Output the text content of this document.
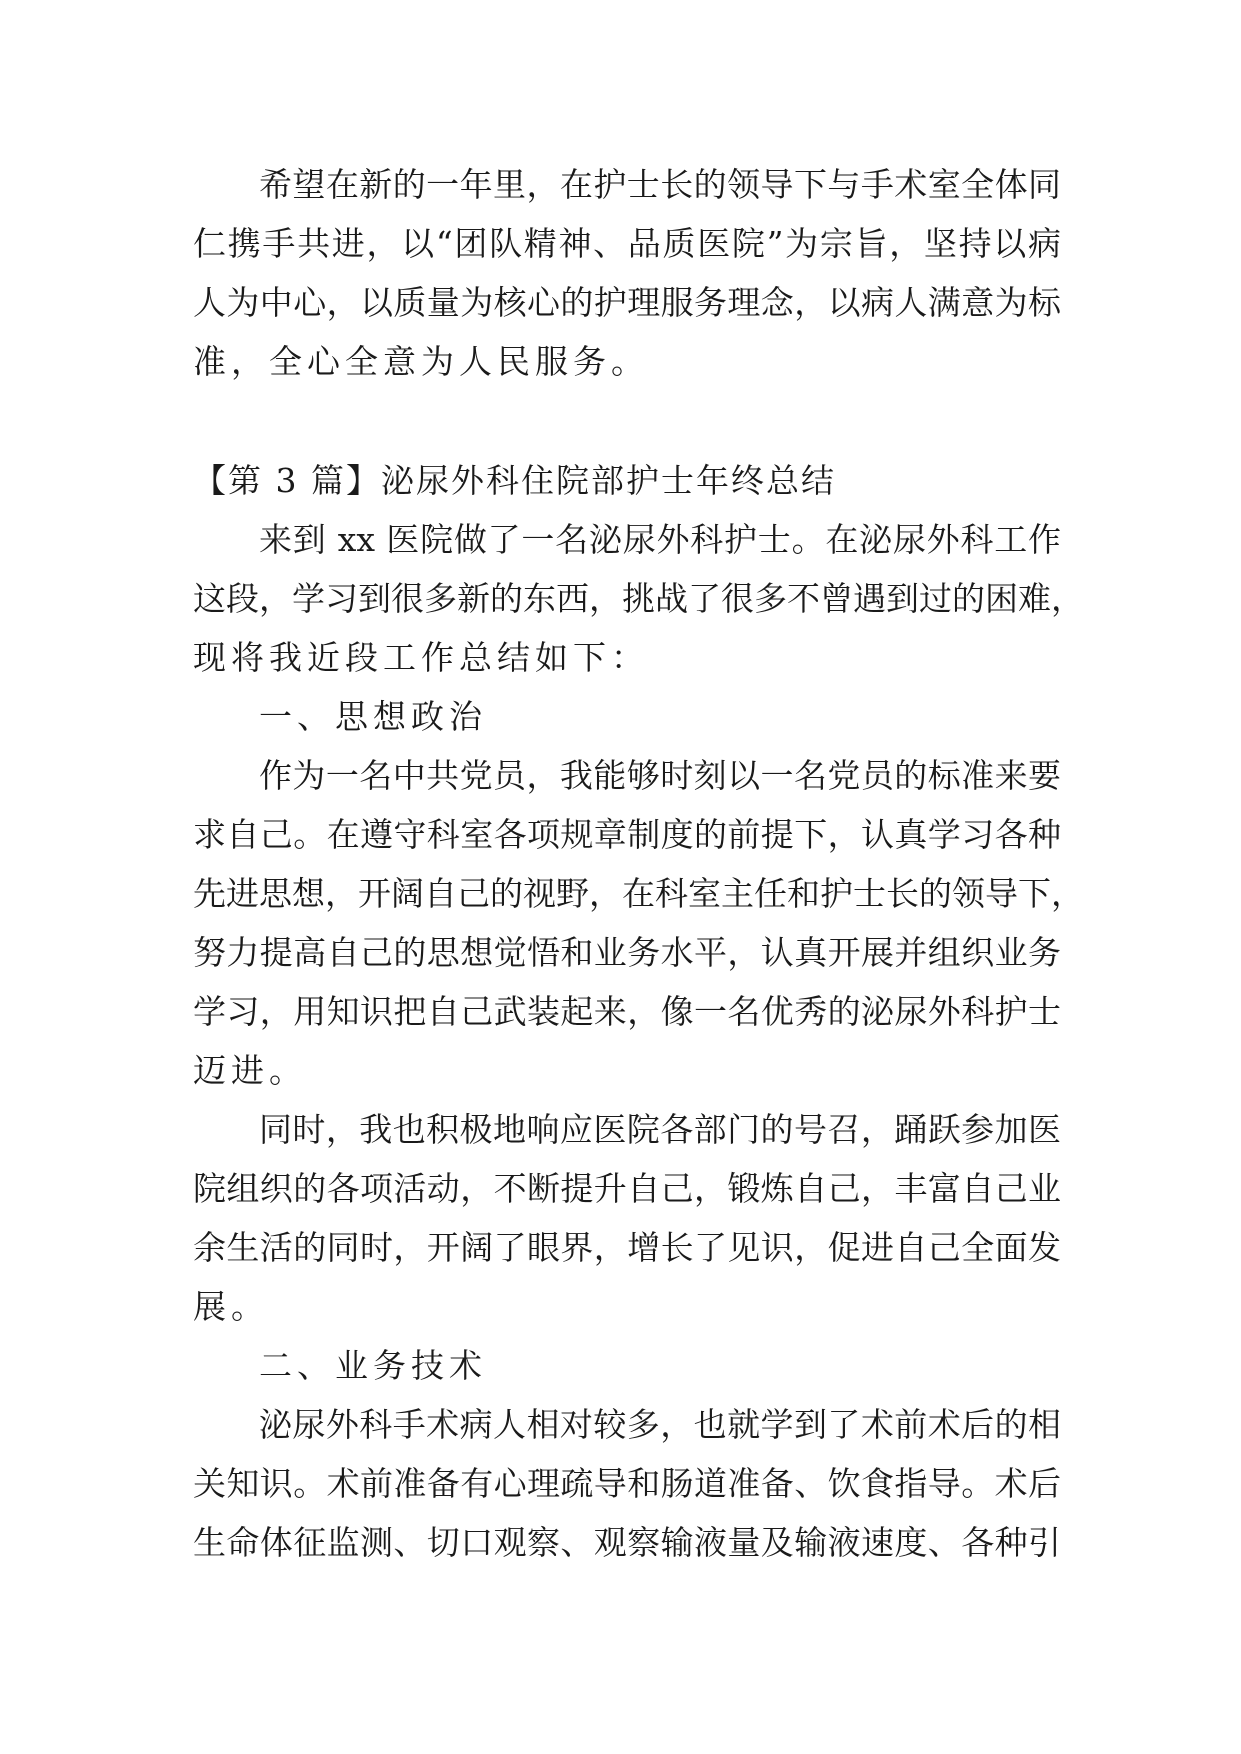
希望在新的一年里，在护士长的领导下与手术室全体同
仁携手共进，以“团队精神、品质医院”为宗旨，坚持以病
人为中心，以质量为核心的护理服务理念，以病人满意为标
准，全心全意为人民服务。
【第 3 篇】泌尿外科住院部护士年终总结
来到 xx 医院做了一名泌尿外科护士。在泌尿外科工作
这段，学习到很多新的东西，挑战了很多不曾遇到过的困难，
现将我近段工作总结如下：
一、思想政治
作为一名中共党员，我能够时刻以一名党员的标准来要
求自己。在遵守科室各项规章制度的前提下，认真学习各种
先进思想，开阔自己的视野，在科室主任和护士长的领导下，
努力提高自己的思想觉悟和业务水平，认真开展并组织业务
学习，用知识把自己武装起来，像一名优秀的泌尿外科护士
迈进。
同时，我也积极地响应医院各部门的号召，踊跃参加医
院组织的各项活动，不断提升自己，锻炼自己，丰富自己业
余生活的同时，开阔了眼界，增长了见识，促进自己全面发
展。
二、业务技术
泌尿外科手术病人相对较多，也就学到了术前术后的相
关知识。术前准备有心理疏导和肠道准备、饮食指导。术后
生命体征监测、切口观察、观察输液量及输液速度、各种引
